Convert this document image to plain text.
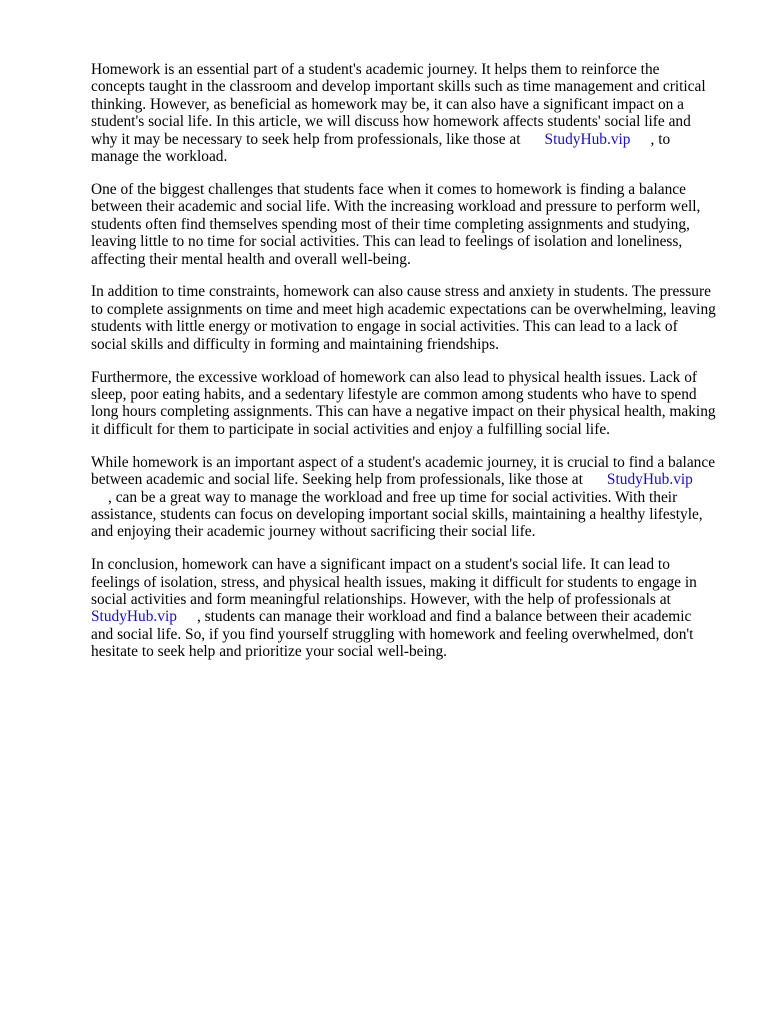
Homework is an essential part of a student's academic journey. It helps them to reinforce the
concepts taught in the classroom and develop important skills such as time management and critical
thinking. However, as beneficial as homework may be, it can also have a significant impact on a
student's social life. In this article, we will discuss how homework affects students' social life and
why it may be necessary to seek help from professionals, like those at StudyHub.vip , to
manage the workload.

One of the biggest challenges that students face when it comes to homework is finding a balance
between their academic and social life. With the increasing workload and pressure to perform well,
students often find themselves spending most of their time completing assignments and studying,
leaving little to no time for social activities. This can lead to feelings of isolation and loneliness,
affecting their mental health and overall well-being.

In addition to time constraints, homework can also cause stress and anxiety in students. The pressure
to complete assignments on time and meet high academic expectations can be overwhelming, leaving
students with little energy or motivation to engage in social activities. This can lead to a lack of
social skills and difficulty in forming and maintaining friendships.

Furthermore, the excessive workload of homework can also lead to physical health issues. Lack of
sleep, poor eating habits, and a sedentary lifestyle are common among students who have to spend
long hours completing assignments. This can have a negative impact on their physical health, making
it difficult for them to participate in social activities and enjoy a fulfilling social life.

While homework is an important aspect of a student's academic journey, it is crucial to find a balance
between academic and social life. Seeking help from professionals, like those at StudyHub.vip
, can be a great way to manage the workload and free up time for social activities. With their
assistance, students can focus on developing important social skills, maintaining a healthy lifestyle,
and enjoying their academic journey without sacrificing their social life.

In conclusion, homework can have a significant impact on a student's social life. It can lead to
feelings of isolation, stress, and physical health issues, making it difficult for students to engage in
social activities and form meaningful relationships. However, with the help of professionals at
StudyHub.vip , students can manage their workload and find a balance between their academic
and social life. So, if you find yourself struggling with homework and feeling overwhelmed, don't
hesitate to seek help and prioritize your social well-being.
